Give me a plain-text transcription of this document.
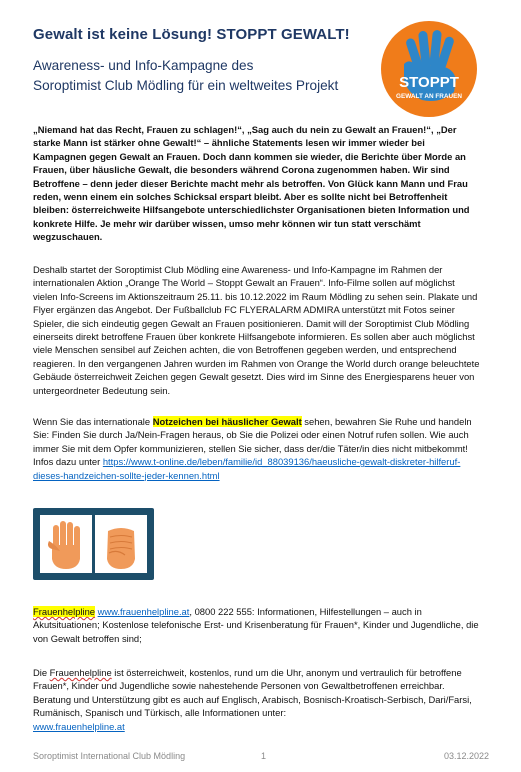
Gewalt ist keine Lösung! STOPPT GEWALT!
Awareness- und Info-Kampagne des
Soroptimist Club Mödling für ein weltweites Projekt	STOPPT
GEWALT AN FRAUEN

„Niemand hat das Recht, Frauen zu schlagen!“, „Sag auch du nein zu Gewalt an Frauen!“, „Der starke Mann ist stärker ohne Gewalt!“ – ähnliche Statements lesen wir immer wieder bei Kampagnen gegen Gewalt an Frauen. Doch dann kommen sie wieder, die Berichte über Morde an Frauen, über häusliche Gewalt, die besonders während Corona zugenommen haben. Wir sind Betroffene – denn jeder dieser Berichte macht mehr als betroffen. Von Glück kann Mann und Frau reden, wenn einem ein solches Schicksal erspart bleibt. Aber es sollte nicht bei Betroffenheit bleiben: österreichweite Hilfsangebote unterschiedlichster Organisationen bieten Information und konkrete Hilfe. Je mehr wir darüber wissen, umso mehr können wir tun statt verschämt wegzuschauen.

Deshalb startet der Soroptimist Club Mödling eine Awareness- und Info-Kampagne im Rahmen der internationalen Aktion „Orange The World – Stoppt Gewalt an Frauen“. Info-Filme sollen auf möglichst vielen Info-Screens im Aktionszeitraum 25.11. bis 10.12.2022 im Raum Mödling zu sehen sein. Plakate und Flyer ergänzen das Angebot. Der Fußballclub FC FLYERALARM ADMIRA unterstützt mit Fotos seiner Spieler, die sich eindeutig gegen Gewalt an Frauen positionieren. Damit will der Soroptimist Club Mödling einerseits direkt betroffene Frauen über konkrete Hilfsangebote informieren. Es sollen aber auch möglichst viele Menschen sensibel auf Zeichen achten, die von Betroffenen gegeben werden, und entsprechend reagieren. In den vergangenen Jahren wurden im Rahmen von Orange the World durch orange beleuchtete Gebäude österreichweit Zeichen gegen Gewalt gesetzt. Dies wird im Sinne des Energiesparens heuer von untergeordneter Bedeutung sein.

Wenn Sie das internationale Notzeichen bei häuslicher Gewalt sehen, bewahren Sie Ruhe und handeln Sie: Finden Sie durch Ja/Nein-Fragen heraus, ob Sie die Polizei oder einen Notruf rufen sollen. Wie auch immer Sie mit dem Opfer kommunizieren, stellen Sie sicher, dass der/die Täter/in dies nicht mitbekommt! Infos dazu unter https://www.t-online.de/leben/familie/id_88039136/haeusliche-gewalt-diskreter-hilferuf-dieses-handzeichen-sollte-jeder-kennen.html

Frauenhelpline www.frauenhelpline.at, 0800 222 555: Informationen, Hilfestellungen – auch in Akutsituationen; Kostenlose telefonische Erst- und Krisenberatung für Frauen*, Kinder und Jugendliche, die von Gewalt betroffen sind;

Die Frauenhelpline ist österreichweit, kostenlos, rund um die Uhr, anonym und vertraulich für betroffene Frauen*, Kinder und Jugendliche sowie nahestehende Personen von Gewaltbetroffenen erreichbar. Beratung und Unterstützung gibt es auch auf Englisch, Arabisch, Bosnisch-Kroatisch-Serbisch, Dari/Farsi, Rumänisch, Spanisch und Türkisch, alle Informationen unter:
www.frauenhelpline.at

Soroptimist International Club Mödling	1	03.12.2022
